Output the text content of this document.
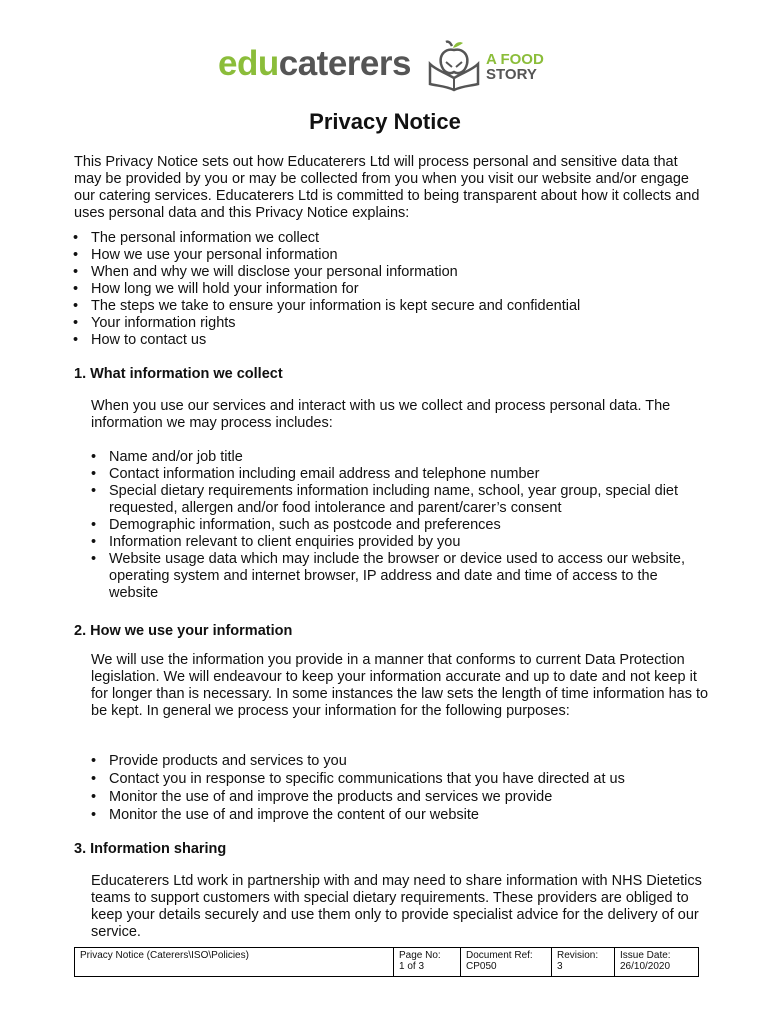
educaterers	A FOOD
STORY
Privacy Notice

This Privacy Notice sets out how Educaterers Ltd will process personal and sensitive data that may be provided by you or may be collected from you when you visit our website and/or engage our catering services. Educaterers Ltd is committed to being transparent about how it collects and uses personal data and this Privacy Notice explains:

• The personal information we collect
• How we use your personal information
• When and why we will disclose your personal information
• How long we will hold your information for
• The steps we take to ensure your information is kept secure and confidential
• Your information rights
• How to contact us

1. What information we collect

When you use our services and interact with us we collect and process personal data. The information we may process includes:

• Name and/or job title
• Contact information including email address and telephone number
• Special dietary requirements information including name, school, year group, special diet requested, allergen and/or food intolerance and parent/carer’s consent
• Demographic information, such as postcode and preferences
• Information relevant to client enquiries provided by you
• Website usage data which may include the browser or device used to access our website, operating system and internet browser, IP address and date and time of access to the website

2. How we use your information

We will use the information you provide in a manner that conforms to current Data Protection legislation. We will endeavour to keep your information accurate and up to date and not keep it for longer than is necessary. In some instances the law sets the length of time information has to be kept. In general we process your information for the following purposes:

• Provide products and services to you
• Contact you in response to specific communications that you have directed at us
• Monitor the use of and improve the products and services we provide
• Monitor the use of and improve the content of our website

3. Information sharing

Educaterers Ltd work in partnership with and may need to share information with NHS Dietetics teams to support customers with special dietary requirements. These providers are obliged to keep your details securely and use them only to provide specialist advice for the delivery of our service.

Privacy Notice (Caterers\ISO\Policies)	Page No:
1 of 3
Document Ref:
CP050
Revision:
3
Issue Date:
26/10/2020
